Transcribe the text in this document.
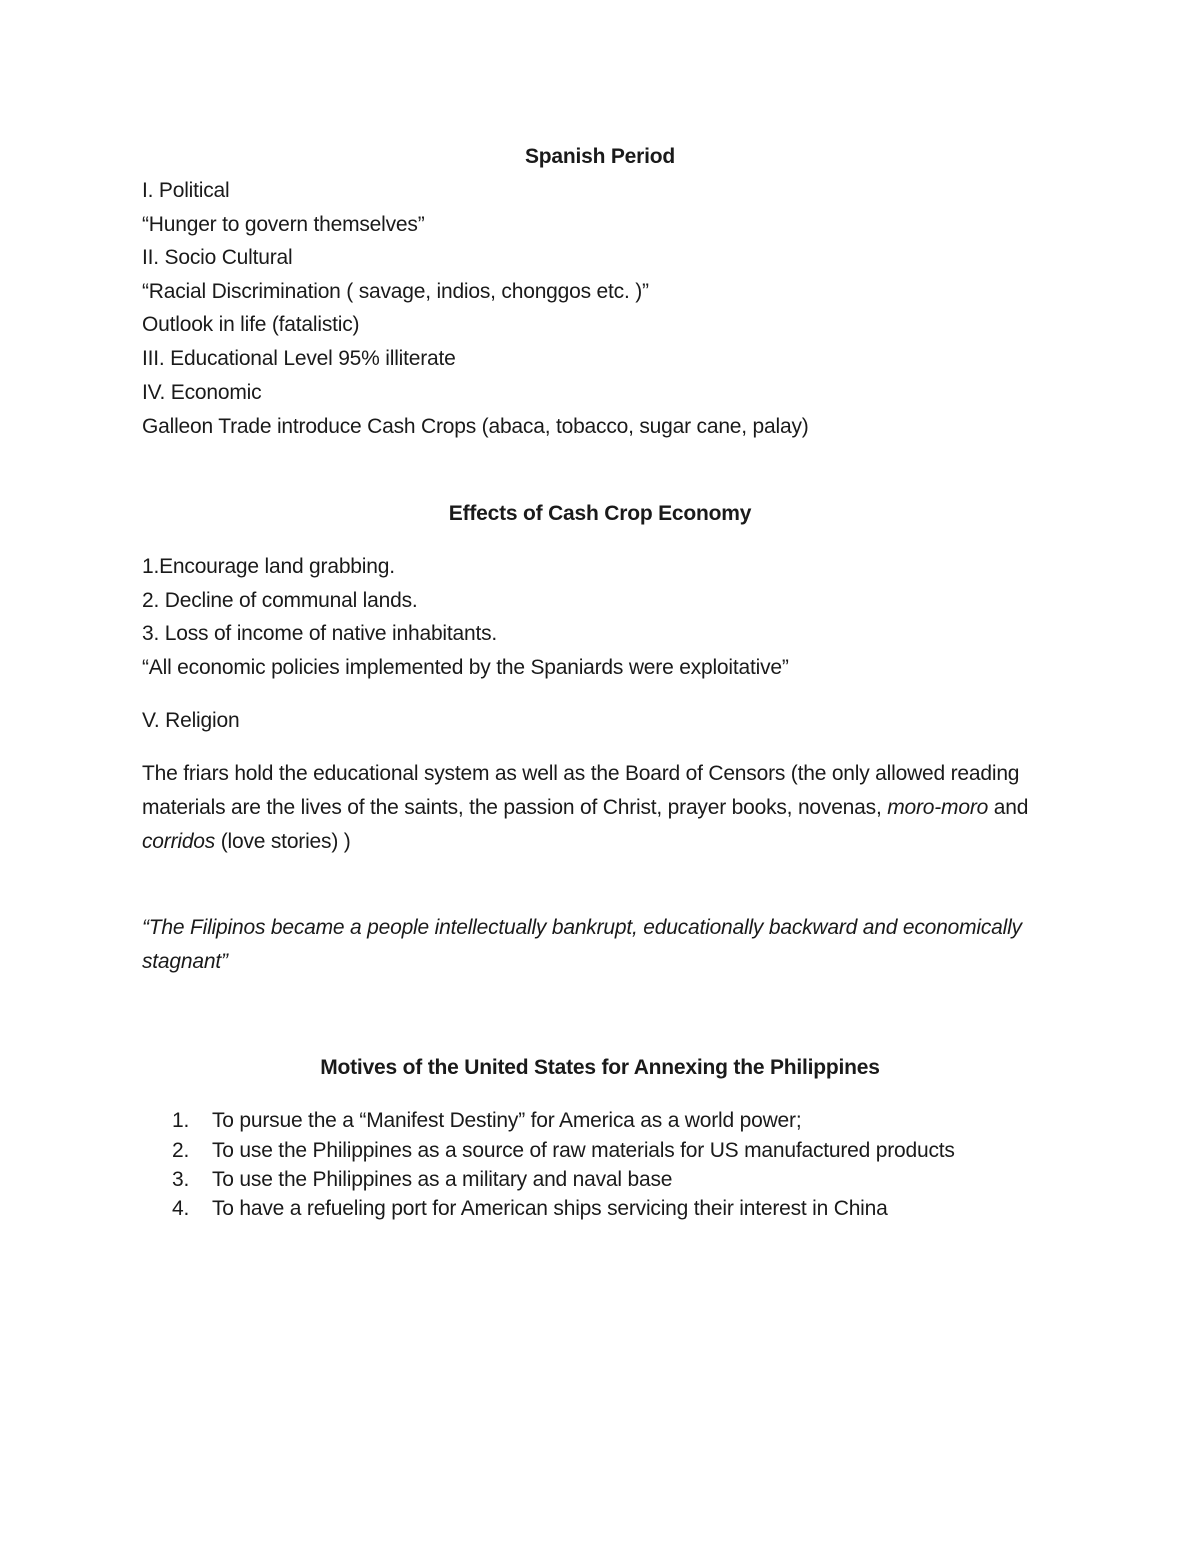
Spanish Period
I. Political
“Hunger to govern themselves”
II. Socio Cultural
“Racial Discrimination ( savage, indios, chonggos etc. )”
Outlook in life (fatalistic)
III. Educational Level 95% illiterate
IV. Economic
Galleon Trade introduce Cash Crops (abaca, tobacco, sugar cane, palay)
Effects of Cash Crop Economy
1.Encourage land grabbing.
2. Decline of communal lands.
3. Loss of income of native inhabitants.
“All economic policies implemented by the Spaniards were exploitative”
V. Religion
The friars hold the educational system as well as the Board of Censors (the only allowed reading materials are the lives of the saints, the passion of Christ, prayer books, novenas, moro-moro and corridos (love stories) )
“The Filipinos became a people intellectually bankrupt, educationally backward and economically stagnant”
Motives of the United States for Annexing the Philippines
1. To pursue the a “Manifest Destiny” for America as a world power;
2. To use the Philippines as a source of raw materials for US manufactured products
3. To use the Philippines as a military and naval base
4. To have a refueling port for American ships servicing their interest in China
